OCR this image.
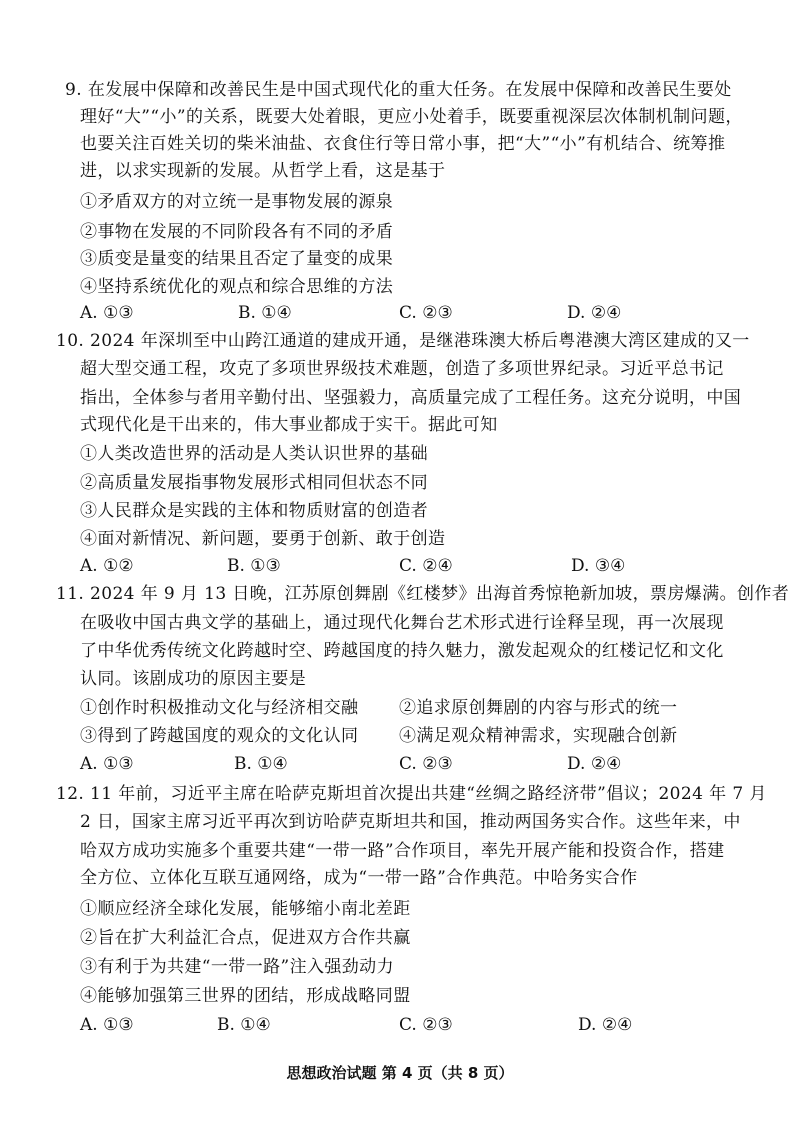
9. 在发展中保障和改善民生是中国式现代化的重大任务。在发展中保障和改善民生要处
理好“大”“小”的关系，既要大处着眼，更应小处着手，既要重视深层次体制机制问题，
也要关注百姓关切的柴米油盐、衣食住行等日常小事，把“大”“小”有机结合、统筹推
进，以求实现新的发展。从哲学上看，这是基于
①矛盾双方的对立统一是事物发展的源泉
②事物在发展的不同阶段各有不同的矛盾
③质变是量变的结果且否定了量变的成果
④坚持系统优化的观点和综合思维的方法
A. ①③	B. ①④	C. ②③	D. ②④
10. 2024 年深圳至中山跨江通道的建成开通，是继港珠澳大桥后粤港澳大湾区建成的又一
超大型交通工程，攻克了多项世界级技术难题，创造了多项世界纪录。习近平总书记
指出，全体参与者用辛勤付出、坚强毅力，高质量完成了工程任务。这充分说明，中国
式现代化是干出来的，伟大事业都成于实干。据此可知
①人类改造世界的活动是人类认识世界的基础
②高质量发展指事物发展形式相同但状态不同
③人民群众是实践的主体和物质财富的创造者
④面对新情况、新问题，要勇于创新、敢于创造
A. ①②	B. ①③	C. ②④	D. ③④
11. 2024 年 9 月 13 日晚，江苏原创舞剧《红楼梦》出海首秀惊艳新加坡，票房爆满。创作者
在吸收中国古典文学的基础上，通过现代化舞台艺术形式进行诠释呈现，再一次展现
了中华优秀传统文化跨越时空、跨越国度的持久魅力，激发起观众的红楼记忆和文化
认同。该剧成功的原因主要是
①创作时积极推动文化与经济相交融 ②追求原创舞剧的内容与形式的统一
③得到了跨越国度的观众的文化认同 ④满足观众精神需求，实现融合创新
A. ①③	B. ①④	C. ②③	D. ②④
12. 11 年前，习近平主席在哈萨克斯坦首次提出共建“丝绸之路经济带”倡议；2024 年 7 月
2 日，国家主席习近平再次到访哈萨克斯坦共和国，推动两国务实合作。这些年来，中
哈双方成功实施多个重要共建“一带一路”合作项目，率先开展产能和投资合作，搭建
全方位、立体化互联互通网络，成为“一带一路”合作典范。中哈务实合作
①顺应经济全球化发展，能够缩小南北差距
②旨在扩大利益汇合点，促进双方合作共赢
③有利于为共建“一带一路”注入强劲动力
④能够加强第三世界的团结，形成战略同盟
A. ①③	B. ①④	C. ②③	D. ②④
思想政治试题 第 4 页（共 8 页）
